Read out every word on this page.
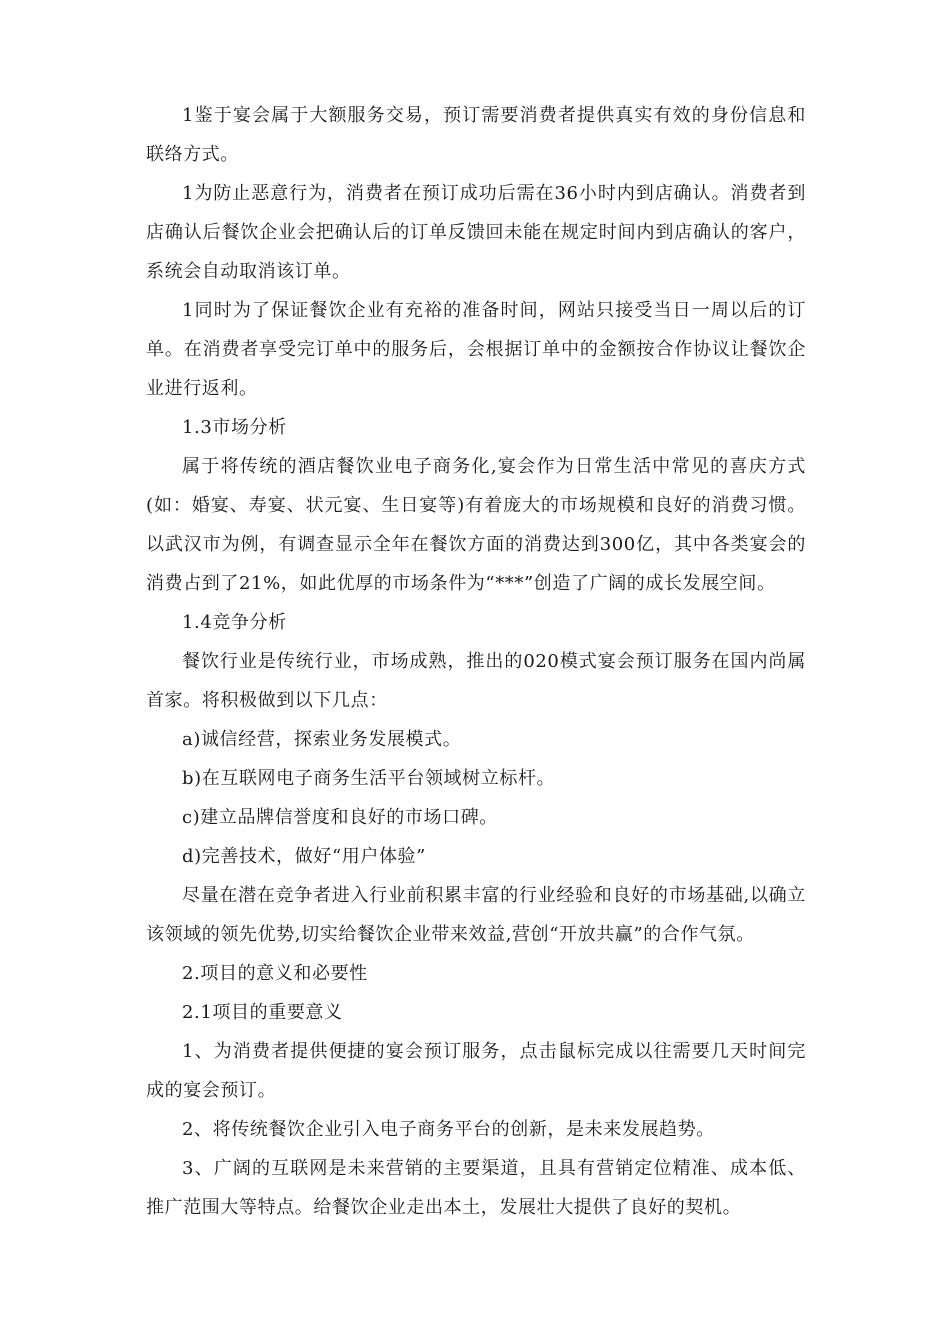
1鉴于宴会属于大额服务交易，预订需要消费者提供真实有效的身份信息和联络方式。

1为防止恶意行为，消费者在预订成功后需在36小时内到店确认。消费者到店确认后餐饮企业会把确认后的订单反馈回未能在规定时间内到店确认的客户，系统会自动取消该订单。

1同时为了保证餐饮企业有充裕的准备时间，网站只接受当日一周以后的订单。在消费者享受完订单中的服务后，会根据订单中的金额按合作协议让餐饮企业进行返利。

1.3市场分析

属于将传统的酒店餐饮业电子商务化,宴会作为日常生活中常见的喜庆方式(如：婚宴、寿宴、状元宴、生日宴等)有着庞大的市场规模和良好的消费习惯。以武汉市为例，有调查显示全年在餐饮方面的消费达到300亿，其中各类宴会的消费占到了21%，如此优厚的市场条件为“***”创造了广阔的成长发展空间。

1.4竞争分析

餐饮行业是传统行业，市场成熟，推出的020模式宴会预订服务在国内尚属首家。将积极做到以下几点：

a)诚信经营，探索业务发展模式。

b)在互联网电子商务生活平台领域树立标杆。

c)建立品牌信誉度和良好的市场口碑。

d)完善技术，做好“用户体验”

尽量在潜在竞争者进入行业前积累丰富的行业经验和良好的市场基础,以确立该领域的领先优势,切实给餐饮企业带来效益,营创“开放共赢”的合作气氛。

2.项目的意义和必要性

2.1项目的重要意义

1、为消费者提供便捷的宴会预订服务，点击鼠标完成以往需要几天时间完成的宴会预订。

2、将传统餐饮企业引入电子商务平台的创新，是未来发展趋势。

3、广阔的互联网是未来营销的主要渠道，且具有营销定位精准、成本低、推广范围大等特点。给餐饮企业走出本土，发展壮大提供了良好的契机。
